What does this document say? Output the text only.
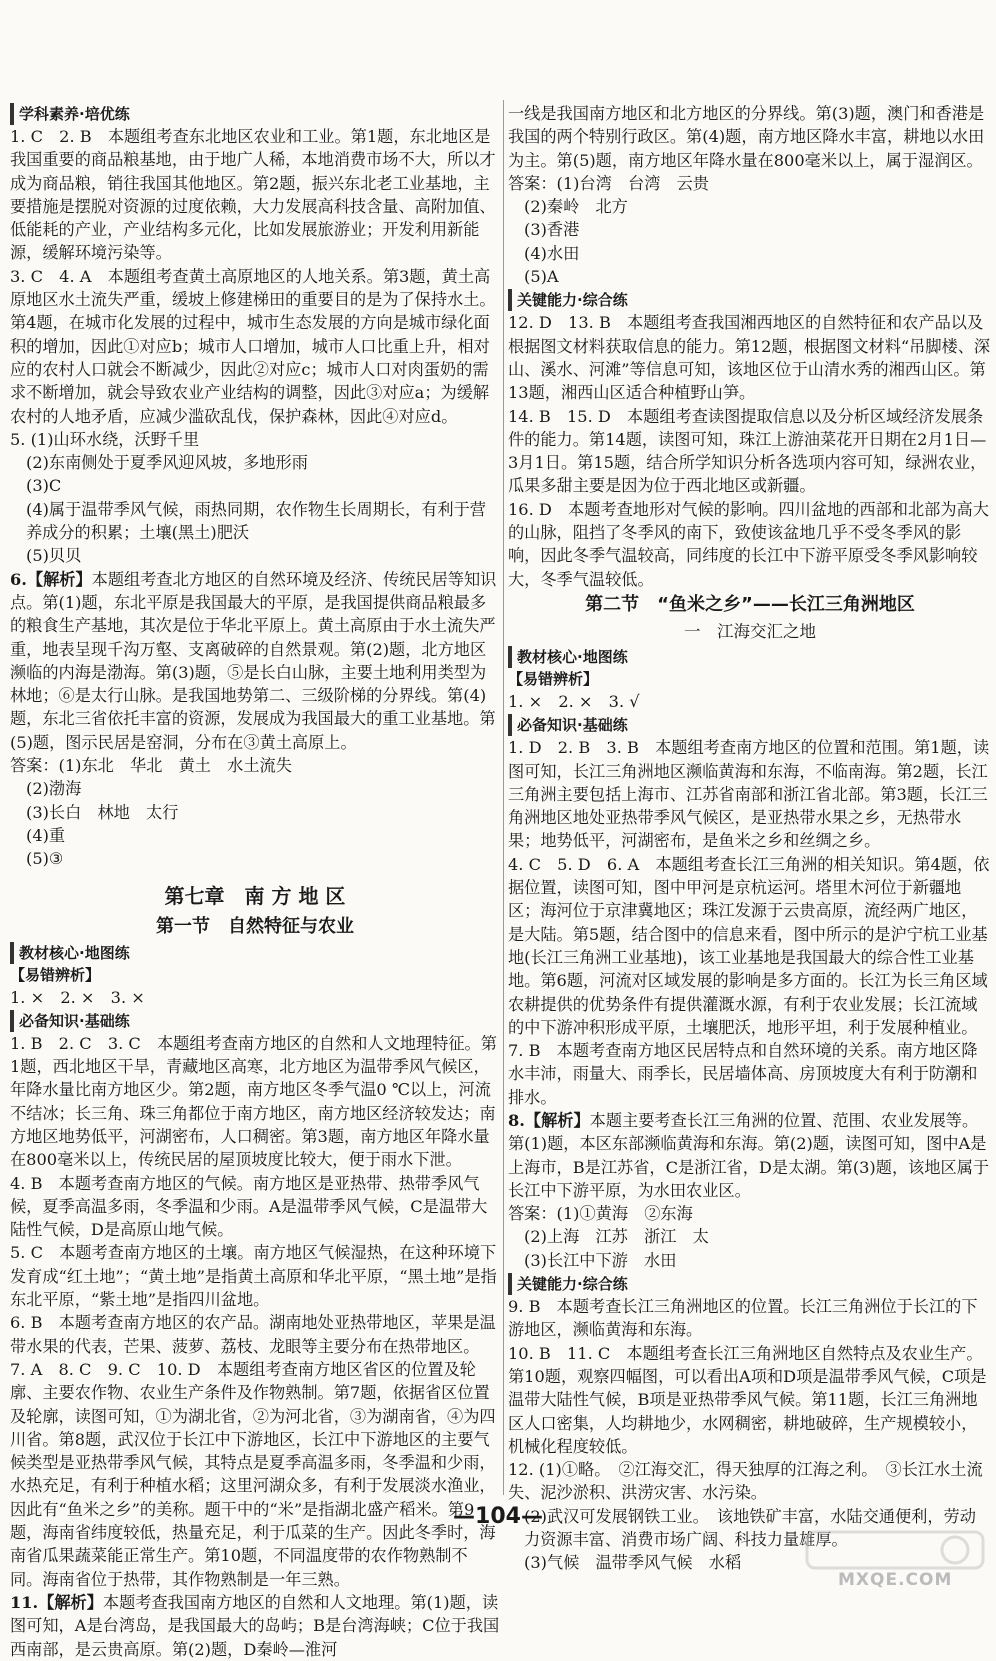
学科素养·培优练
1. C　2. B　本题组考查东北地区农业和工业。第1题，东北地区是我国重要的商品粮基地，由于地广人稀，本地消费市场不大，所以才成为商品粮，销往我国其他地区。第2题，振兴东北老工业基地，主要措施是摆脱对资源的过度依赖，大力发展高科技含量、高附加值、低能耗的产业，产业结构多元化，比如发展旅游业；开发利用新能源，缓解环境污染等。
3. C　4. A　本题组考查黄土高原地区的人地关系。第3题，黄土高原地区水土流失严重，缓坡上修建梯田的重要目的是为了保持水土。第4题，在城市化发展的过程中，城市生态发展的方向是城市绿化面积的增加，因此①对应b；城市人口增加，城市人口比重上升，相对应的农村人口就会不断减少，因此②对应c；城市人口对肉蛋奶的需求不断增加，就会导致农业产业结构的调整，因此③对应a；为缓解农村的人地矛盾，应减少滥砍乱伐，保护森林，因此④对应d。
5. (1)山环水绕，沃野千里
(2)东南侧处于夏季风迎风坡，多地形雨
(3)C
(4)属于温带季风气候，雨热同期，农作物生长周期长，有利于营养成分的积累；土壤(黑土)肥沃
(5)贝贝
6.【解析】本题组考查北方地区的自然环境及经济、传统民居等知识点。第(1)题，东北平原是我国最大的平原，是我国提供商品粮最多的粮食生产基地，其次是位于华北平原上。黄土高原由于水土流失严重，地表呈现千沟万壑、支离破碎的自然景观。第(2)题，北方地区濒临的内海是渤海。第(3)题，⑤是长白山脉，主要土地利用类型为林地；⑥是太行山脉。是我国地势第二、三级阶梯的分界线。第(4)题，东北三省依托丰富的资源，发展成为我国最大的重工业基地。第(5)题，图示民居是窑洞，分布在③黄土高原上。
答案：(1)东北　华北　黄土　水土流失
(2)渤海
(3)长白　林地　太行
(4)重
(5)③
第七章　南 方 地 区
第一节　自然特征与农业
教材核心·地图练
【易错辨析】
1. ×　2. ×　3. ×
必备知识·基础练
1. B　2. C　3. C　本题组考查南方地区的自然和人文地理特征。第1题，西北地区干旱，青藏地区高寒，北方地区为温带季风气候区，年降水量比南方地区少。第2题，南方地区冬季气温0 ℃以上，河流不结冰；长三角、珠三角都位于南方地区，南方地区经济较发达；南方地区地势低平，河湖密布，人口稠密。第3题，南方地区年降水量在800毫米以上，传统民居的屋顶坡度比较大，便于雨水下泄。
4. B　本题考查南方地区的气候。南方地区是亚热带、热带季风气候，夏季高温多雨，冬季温和少雨。A是温带季风气候，C是温带大陆性气候，D是高原山地气候。
5. C　本题考查南方地区的土壤。南方地区气候湿热，在这种环境下发育成“红土地”；“黄土地”是指黄土高原和华北平原，“黑土地”是指东北平原，“紫土地”是指四川盆地。
6. B　本题考查南方地区的农产品。湖南地处亚热带地区，苹果是温带水果的代表，芒果、菠萝、荔枝、龙眼等主要分布在热带地区。
7. A　8. C　9. C　10. D　本题组考查南方地区省区的位置及轮廓、主要农作物、农业生产条件及作物熟制。第7题，依据省区位置及轮廓，读图可知，①为湖北省，②为河北省，③为湖南省，④为四川省。第8题，武汉位于长江中下游地区，长江中下游地区的主要气候类型是亚热带季风气候，其特点是夏季高温多雨，冬季温和少雨，水热充足，有利于种植水稻；这里河湖众多，有利于发展淡水渔业，因此有“鱼米之乡”的美称。题干中的“米”是指湖北盛产稻米。第9题，海南省纬度较低，热量充足，利于瓜菜的生产。因此冬季时，海南省瓜果蔬菜能正常生产。第10题，不同温度带的农作物熟制不同。海南省位于热带，其作物熟制是一年三熟。
11.【解析】本题考查我国南方地区的自然和人文地理。第(1)题，读图可知，A是台湾岛，是我国最大的岛屿；B是台湾海峡；C位于我国西南部，是云贵高原。第(2)题，D秦岭—淮河
一线是我国南方地区和北方地区的分界线。第(3)题，澳门和香港是我国的两个特别行政区。第(4)题，南方地区降水丰富，耕地以水田为主。第(5)题，南方地区年降水量在800毫米以上，属于湿润区。
答案：(1)台湾　台湾　云贵
(2)秦岭　北方
(3)香港
(4)水田
(5)A
关键能力·综合练
12. D　13. B　本题组考查我国湘西地区的自然特征和农产品以及根据图文材料获取信息的能力。第12题，根据图文材料“吊脚楼、深山、溪水、河滩”等信息可知，该地区位于山清水秀的湘西山区。第13题，湘西山区适合种植野山笋。
14. B　15. D　本题组考查读图提取信息以及分析区域经济发展条件的能力。第14题，读图可知，珠江上游油菜花开日期在2月1日—3月1日。第15题，结合所学知识分析各选项内容可知，绿洲农业，瓜果多甜主要是因为位于西北地区或新疆。
16. D　本题考查地形对气候的影响。四川盆地的西部和北部为高大的山脉，阻挡了冬季风的南下，致使该盆地几乎不受冬季风的影响，因此冬季气温较高，同纬度的长江中下游平原受冬季风影响较大，冬季气温较低。
第二节　“鱼米之乡”——长江三角洲地区
一　江海交汇之地
教材核心·地图练
【易错辨析】
1. ×　2. ×　3. √
必备知识·基础练
1. D　2. B　3. B　本题组考查南方地区的位置和范围。第1题，读图可知，长江三角洲地区濒临黄海和东海，不临南海。第2题，长江三角洲主要包括上海市、江苏省南部和浙江省北部。第3题，长江三角洲地区地处亚热带季风气候区，是亚热带水果之乡，无热带水果；地势低平，河湖密布，是鱼米之乡和丝绸之乡。
4. C　5. D　6. A　本题组考查长江三角洲的相关知识。第4题，依据位置，读图可知，图中甲河是京杭运河。塔里木河位于新疆地区；海河位于京津冀地区；珠江发源于云贵高原，流经两广地区，是大陆。第5题，结合图中的信息来看，图中所示的是沪宁杭工业基地(长江三角洲工业基地)，该工业基地是我国最大的综合性工业基地。第6题，河流对区域发展的影响是多方面的。长江为长三角区域农耕提供的优势条件有提供灌溉水源，有利于农业发展；长江流域的中下游冲积形成平原，土壤肥沃，地形平坦，利于发展种植业。
7. B　本题考查南方地区民居特点和自然环境的关系。南方地区降水丰沛，雨量大、雨季长，民居墙体高、房顶坡度大有利于防潮和排水。
8.【解析】本题主要考查长江三角洲的位置、范围、农业发展等。第(1)题，本区东部濒临黄海和东海。第(2)题，读图可知，图中A是上海市，B是江苏省，C是浙江省，D是太湖。第(3)题，该地区属于长江中下游平原，为水田农业区。
答案：(1)①黄海　②东海
(2)上海　江苏　浙江　太
(3)长江中下游　水田
关键能力·综合练
9. B　本题考查长江三角洲地区的位置。长江三角洲位于长江的下游地区，濒临黄海和东海。
10. B　11. C　本题组考查长江三角洲地区自然特点及农业生产。第10题，观察四幅图，可以看出A项和D项是温带季风气候，C项是温带大陆性气候，B项是亚热带季风气候。第11题，长江三角洲地区人口密集，人均耕地少，水网稠密，耕地破碎，生产规模较小，机械化程度较低。
12. (1)①略。　②江海交汇，得天独厚的江海之利。　③长江水土流失、泥沙淤积、洪涝灾害、水污染。
(2)武汉可发展钢铁工业。　该地铁矿丰富，水陆交通便利，劳动力资源丰富、消费市场广阔、科技力量雄厚。
(3)气候　温带季风气候　水稻
—104—
MXQE.COM
